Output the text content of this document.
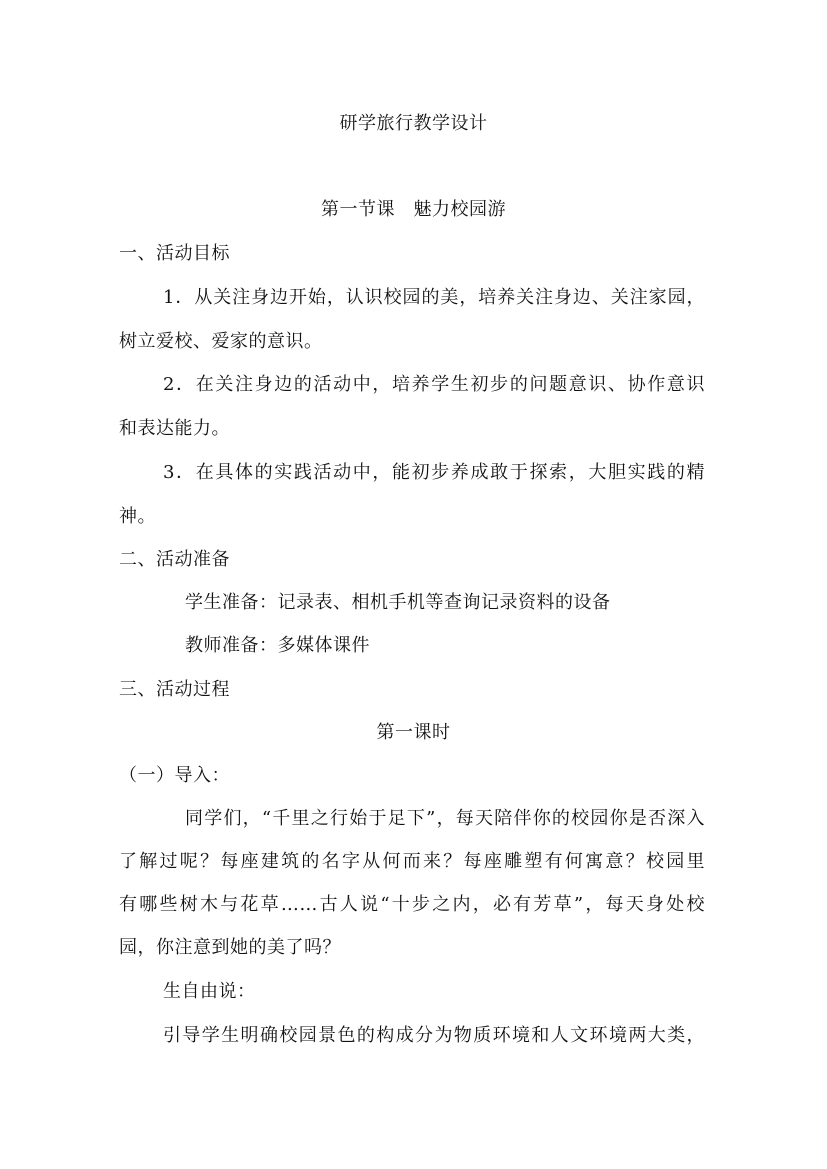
研学旅行教学设计
第一节课　魅力校园游
一、活动目标
1．从关注身边开始，认识校园的美，培养关注身边、关注家园，
树立爱校、爱家的意识。
2．在关注身边的活动中，培养学生初步的问题意识、协作意识
和表达能力。
3．在具体的实践活动中，能初步养成敢于探索，大胆实践的精
神。
二、活动准备
学生准备：记录表、相机手机等查询记录资料的设备
教师准备：多媒体课件
三、活动过程
第一课时
（一）导入：
同学们，“千里之行始于足下”，每天陪伴你的校园你是否深入
了解过呢？每座建筑的名字从何而来？每座雕塑有何寓意？校园里
有哪些树木与花草……古人说“十步之内，必有芳草”，每天身处校
园，你注意到她的美了吗？
生自由说：
引导学生明确校园景色的构成分为物质环境和人文环境两大类，
